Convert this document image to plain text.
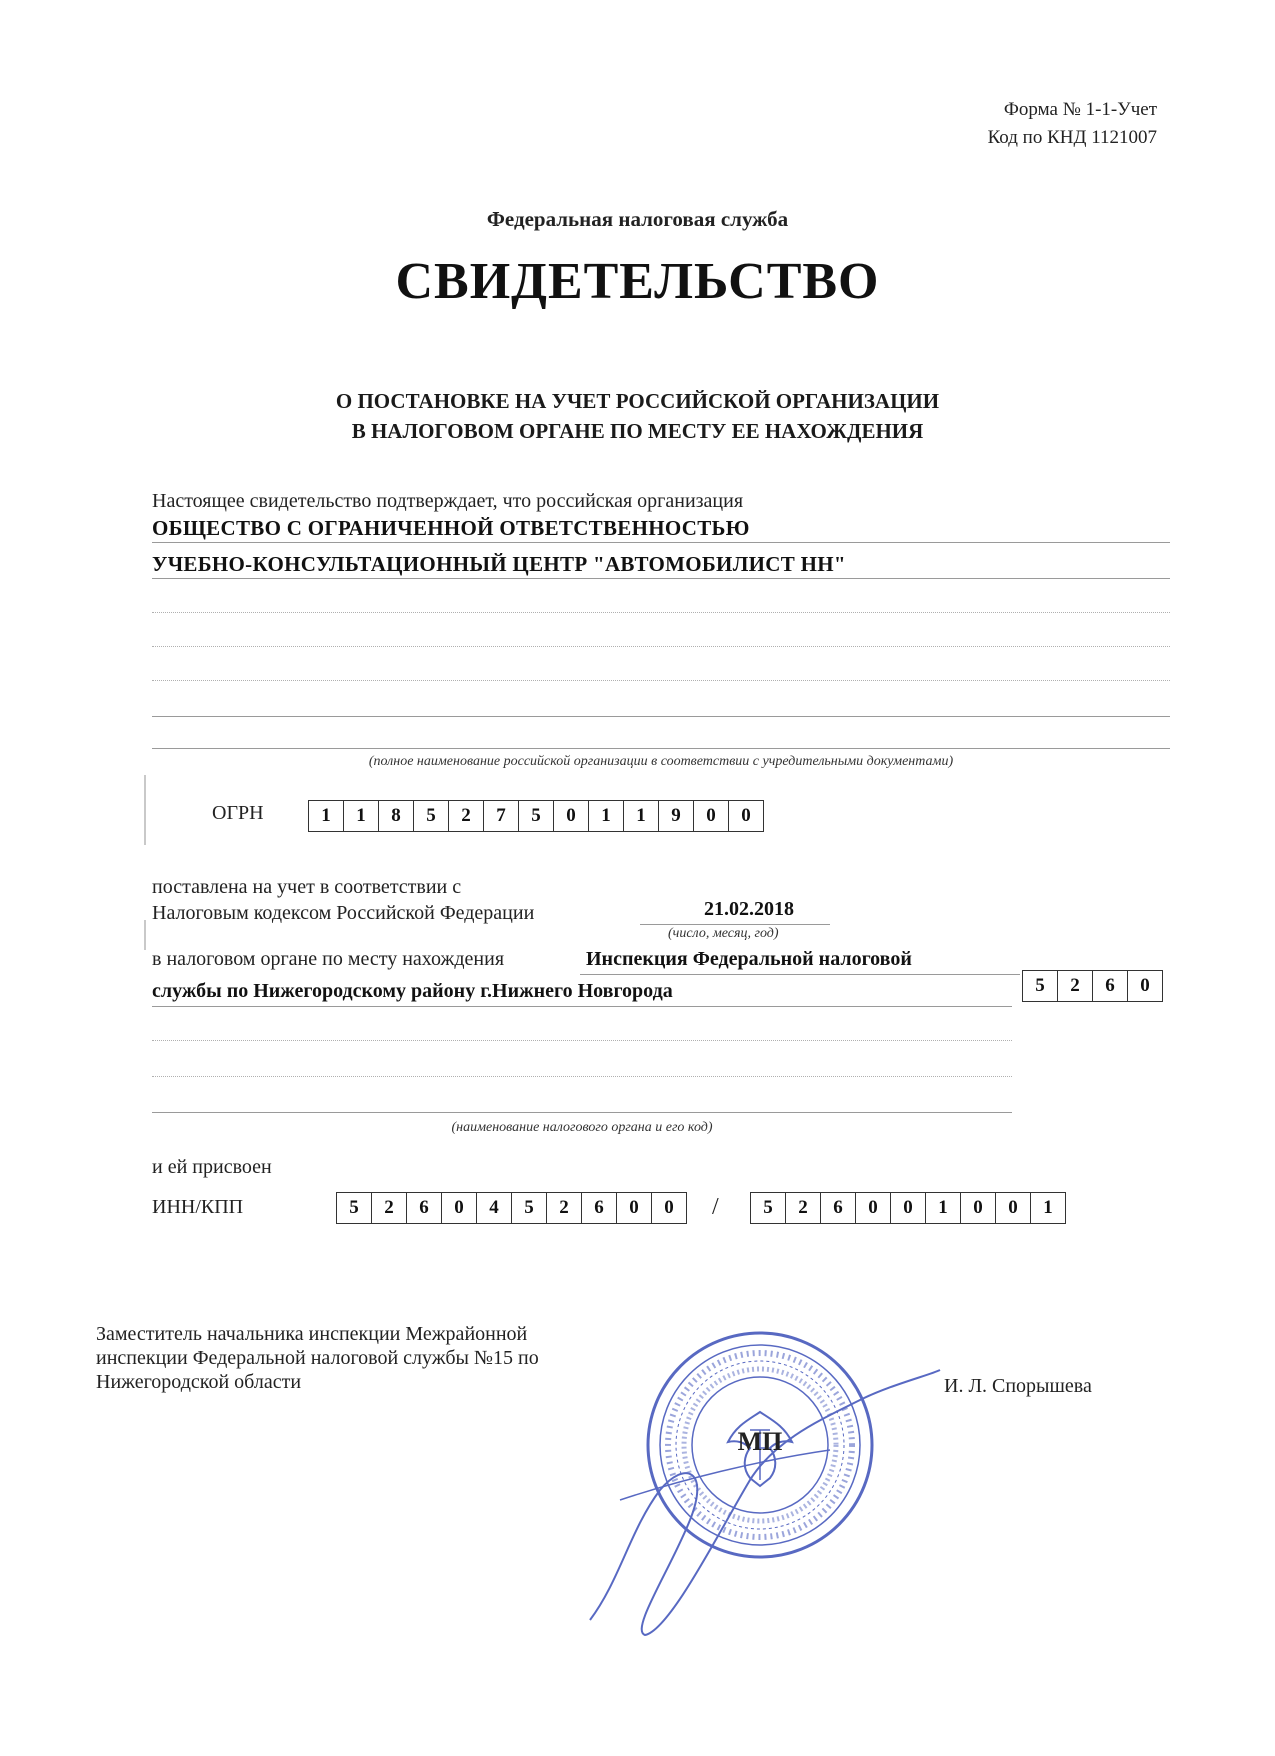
Форма № 1-1-Учет
Код по КНД 1121007
Федеральная налоговая служба
СВИДЕТЕЛЬСТВО
О ПОСТАНОВКЕ НА УЧЕТ РОССИЙСКОЙ ОРГАНИЗАЦИИ
В НАЛОГОВОМ ОРГАНЕ ПО МЕСТУ ЕЕ НАХОЖДЕНИЯ
Настоящее свидетельство подтверждает, что российская организация
ОБЩЕСТВО С ОГРАНИЧЕННОЙ ОТВЕТСТВЕННОСТЬЮ
УЧЕБНО-КОНСУЛЬТАЦИОННЫЙ ЦЕНТР "АВТОМОБИЛИСТ НН"
(полное наименование российской организации в соответствии с учредительными документами)
ОГРН	1	1	8	5	2	7	5	0	1	1	9	0	0
поставлена на учет в соответствии с
Налоговым кодексом Российской Федерации	21.02.2018
(число, месяц, год)
в налоговом органе по месту нахождения	Инспекция Федеральной налоговой
службы по Нижегородскому району г.Нижнего Новгорода	5	2	6	0
(наименование налогового органа и его код)
и ей присвоен
ИНН/КПП	5	2	6	0	4	5	2	6	0	0	/	5	2	6	0	0	1	0	0	1
Заместитель начальника инспекции Межрайонной
инспекции Федеральной налоговой службы №15 по
Нижегородской области	И. Л. Спорышева
МП
